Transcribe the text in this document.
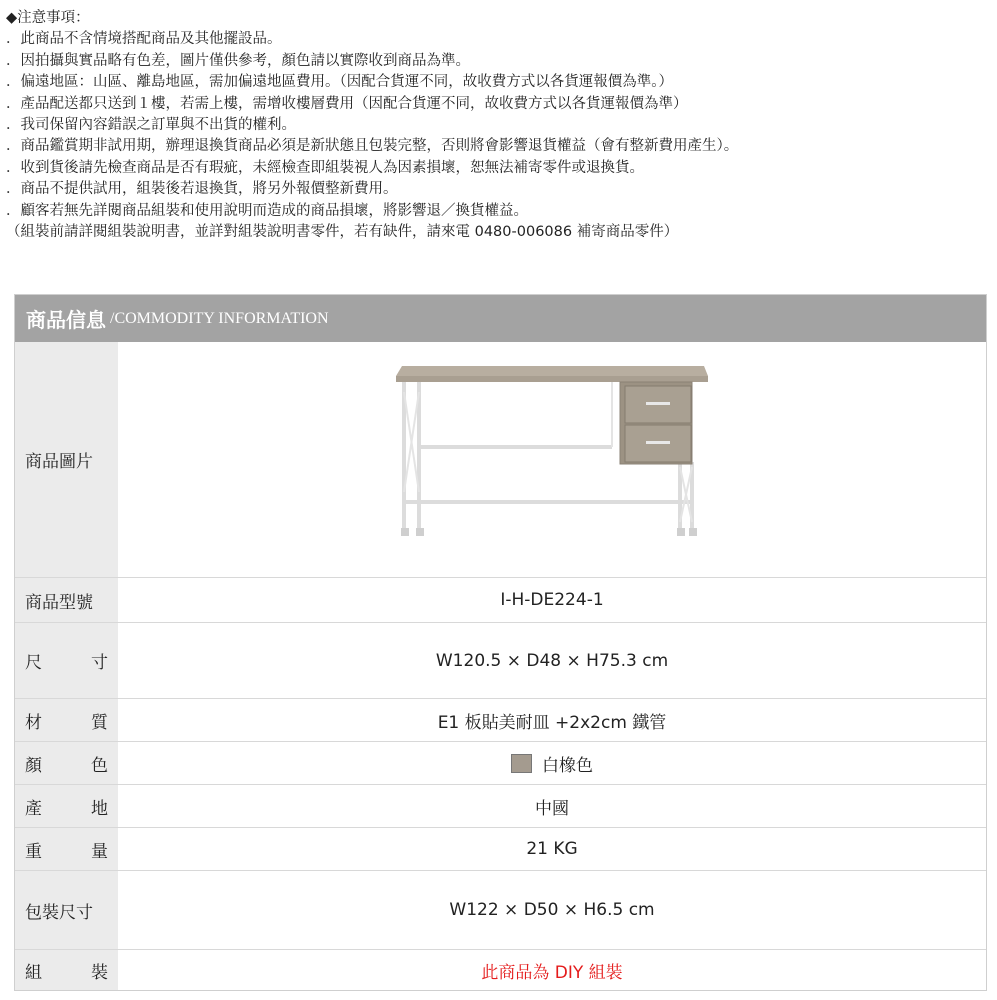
◆注意事項：
．此商品不含情境搭配商品及其他擺設品。
．因拍攝與實品略有色差，圖片僅供參考，顏色請以實際收到商品為準。
．偏遠地區：山區、離島地區，需加偏遠地區費用。（因配合貨運不同，故收費方式以各貨運報價為準。）
．產品配送都只送到１樓，若需上樓，需增收樓層費用（因配合貨運不同，故收費方式以各貨運報價為準）
．我司保留內容錯誤之訂單與不出貨的權利。
．商品鑑賞期非試用期，辦理退換貨商品必須是新狀態且包裝完整，否則將會影響退貨權益（會有整新費用產生）。
．收到貨後請先檢查商品是否有瑕疵，未經檢查即組裝視人為因素損壞，恕無法補寄零件或退換貨。
．商品不提供試用，組裝後若退換貨，將另外報價整新費用。
．顧客若無先詳閱商品組裝和使用說明而造成的商品損壞，將影響退／換貨權益。
（組裝前請詳閱組裝說明書，並詳對組裝說明書零件，若有缺件，請來電 0480-006086 補寄商品零件）
商品信息 /COMMODITY INFORMATION
商品圖片
商品型號	I-H-DE224-1
尺	寸	W120.5 × D48 × H75.3 cm
材	質	E1 板貼美耐皿 +2x2cm 鐵管
顏	色	白橡色
產	地	中國
重	量	21 KG
包裝尺寸	W122 × D50 × H6.5 cm
組	裝	此商品為 DIY 組裝
